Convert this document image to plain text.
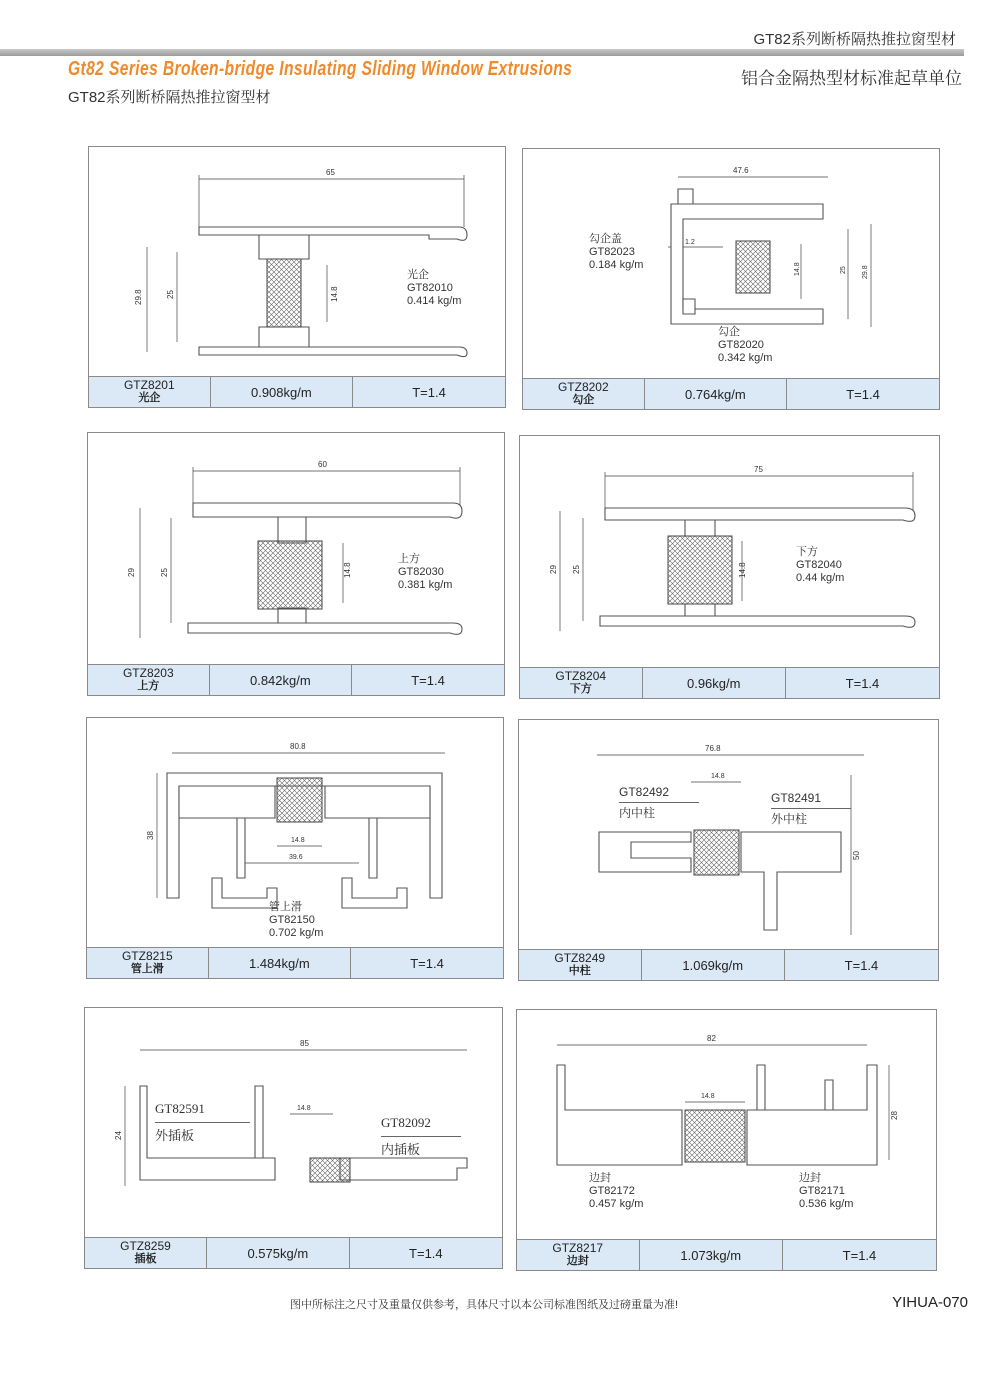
GT82系列断桥隔热推拉窗型材
Gt82 Series Broken-bridge Insulating Sliding Window Extrusions
GT82系列断桥隔热推拉窗型材
铝合金隔热型材标准起草单位
65
29.8	25	14.8
光企
GT82010
0.414 kg/m
GTZ8201
光企	0.908kg/m	T=1.4
47.6
1.2
14.8	25 29.8
勾企盖
GT82023
0.184 kg/m
勾企
GT82020
0.342 kg/m
GTZ8202
勾企	0.764kg/m	T=1.4
60
29	25	14.8
上方
GT82030
0.381 kg/m
GTZ8203
上方	0.842kg/m	T=1.4
75
29 25	14.8
下方
GT82040
0.44 kg/m
GTZ8204
下方	0.96kg/m	T=1.4
80.8
38
14.8
39.6
管上滑
GT82150
0.702 kg/m
GTZ8215
管上滑	1.484kg/m	T=1.4
76.8
14.8
50
GT82492
内中柱
GT82491
外中柱
GTZ8249
中柱	1.069kg/m	T=1.4
85
24
14.8
GT82591
外插板
GT82092
内插板
GTZ8259
插板	0.575kg/m	T=1.4
82
14.8
28
边封
GT82172
0.457 kg/m
边封
GT82171
0.536 kg/m
GTZ8217
边封	1.073kg/m	T=1.4
图中所标注之尺寸及重量仅供参考，具体尺寸以本公司标准图纸及过磅重量为准!	YIHUA-070
